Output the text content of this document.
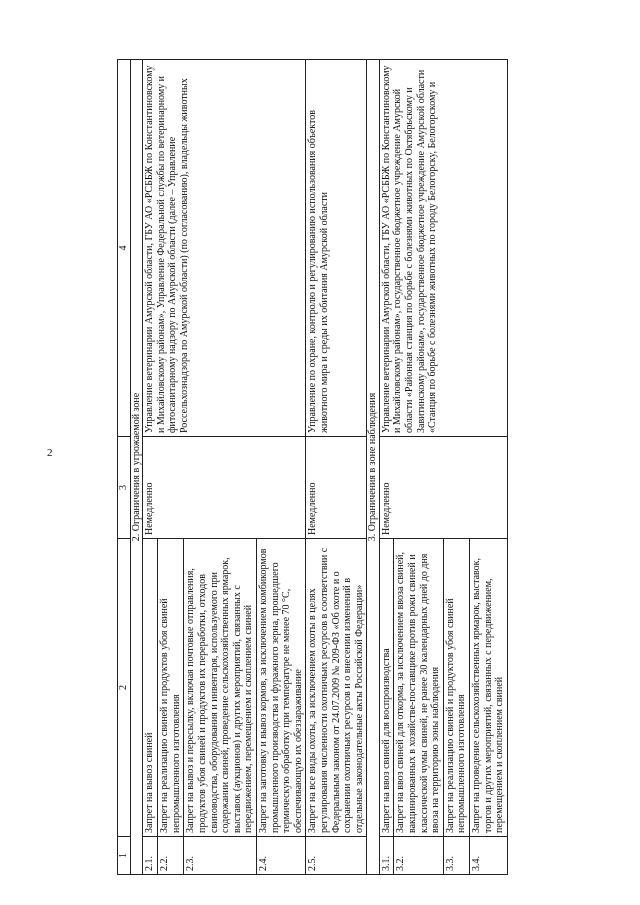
2
1	2	3	4
2. Ограничения в угрожаемой зоне			
2.1.	Запрет на вывоз свиней	Немедленно	Управление ветеринарии Амурской области, ГБУ АО «РСББЖ по Константиновскому и Михайловскому районам», Управление Федеральной службы по ветеринарному и фитосанитарному надзору по Амурской области (далее – Управление Россельхознадзора по Амурской области) (по согласованию), владельцы животных
2.2.	Запрет на реализацию свиней и продуктов убоя свиней непромышленного изготовления		
2.3.	Запрет на вывоз и пересылку, включая почтовые отправления, продуктов убоя свиней и продуктов их переработки, отходов свиноводства, оборудования и инвентаря, используемого при содержании свиней, проведение сельскохозяйственных ярмарок, выставок (аукционов) и других мероприятий, связанных с передвижением, перемещением и скоплением свиней		
2.4.	Запрет на заготовку и вывоз кормов, за исключением комбикормов промышленного производства и фуражного зерна, прошедшего термическую обработку при температуре не менее 70 °С, обеспечивающую их обеззараживание		
2.5.	Запрет на все виды охоты, за исключением охоты в целях регулирования численности охотничьих ресурсов в соответствии с Федеральным законом от 24.07.2009 № 209-ФЗ «Об охоте и о сохранении охотничьих ресурсов и о внесении изменений в отдельные законодательные акты Российской Федерации»	Немедленно	Управление по охране, контролю и регулированию использования объектов животного мира и среды их обитания Амурской области
3. Ограничения в зоне наблюдения			
3.1.	Запрет на ввоз свиней для воспроизводства	Немедленно	Управление ветеринарии Амурской области, ГБУ АО «РСББЖ по Константиновскому и Михайловскому районам», государственное бюджетное учреждение Амурской области «Районная станция по борьбе с болезнями животных по Октябрьскому и Завитинскому районам», государственное бюджетное учреждение Амурской области «Станция по борьбе с болезнями животных по городу Белогорску, Белогорскому и
3.2.	Запрет на ввоз свиней для откорма, за исключением ввоза свиней, вакцинированных в хозяйстве-поставщике против рожи свиней и классической чумы свиней, не ранее 30 календарных дней до дня ввоза на территорию зоны наблюдения		
3.3.	Запрет на реализацию свиней и продуктов убоя свиней непромышленного изготовления		
3.4.	Запрет на проведение сельскохозяйственных ярмарок, выставок, торгов и других мероприятий, связанных с передвижением, перемещением и скоплением свиней		
